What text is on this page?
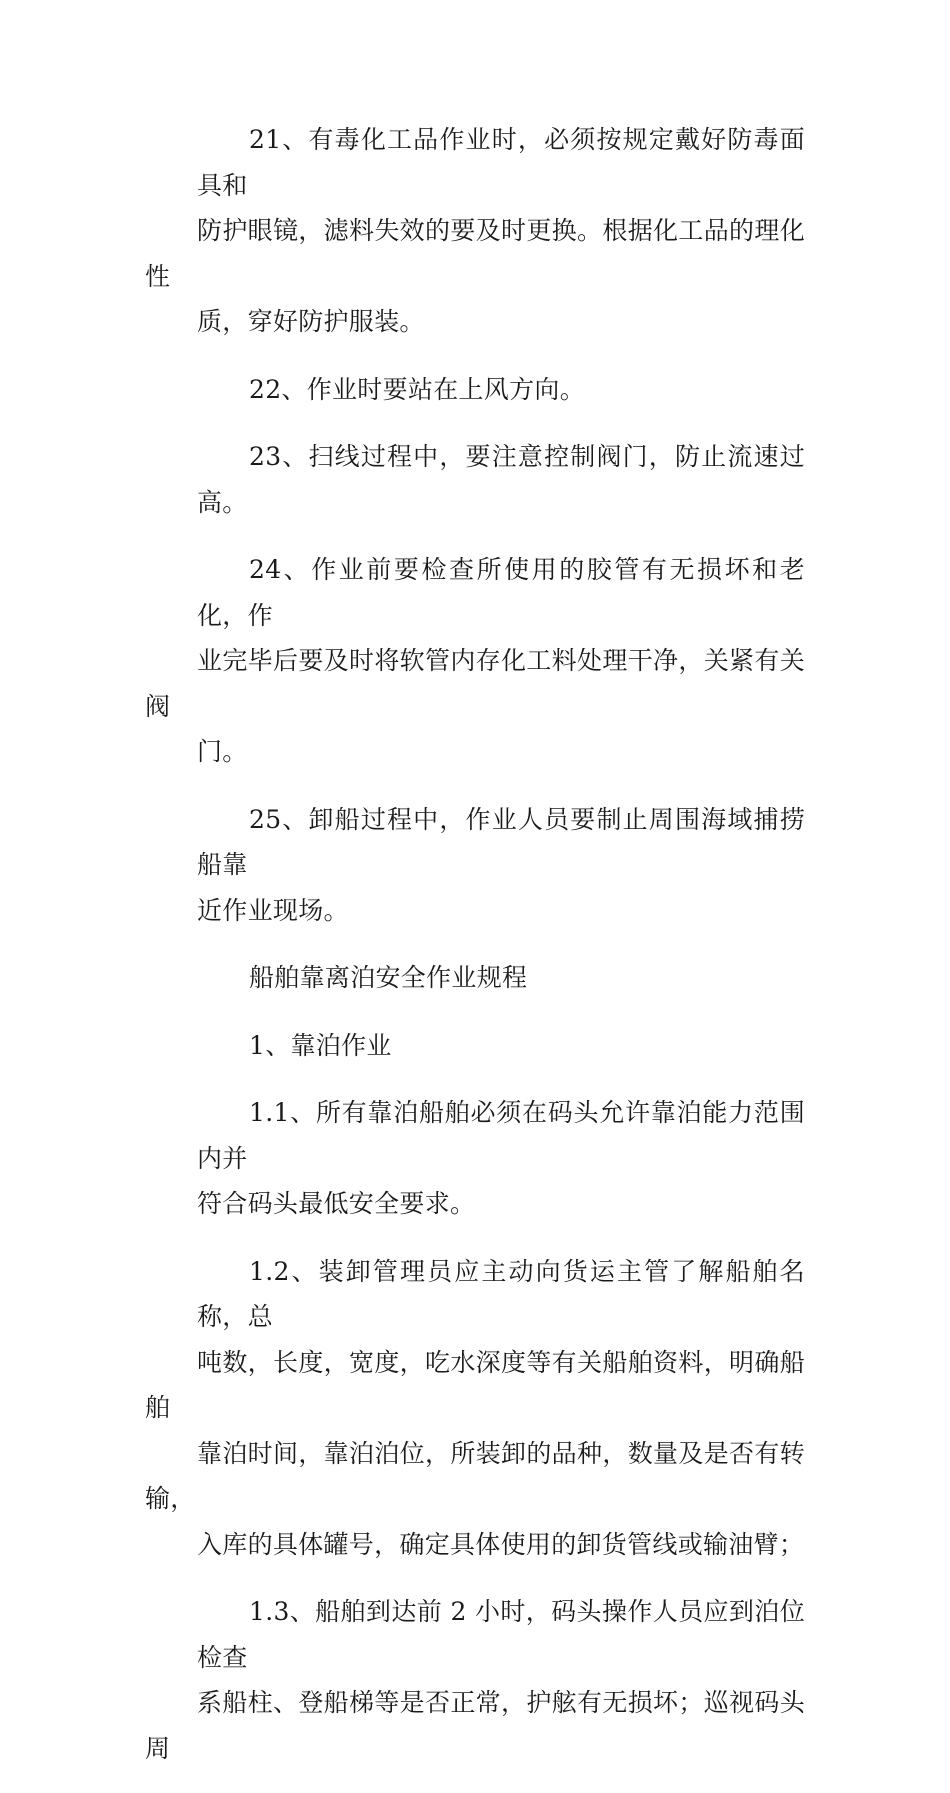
21、有毒化工品作业时，必须按规定戴好防毒面具和
防护眼镜，滤料失效的要及时更换。根据化工品的理化性
质，穿好防护服装。

22、作业时要站在上风方向。

23、扫线过程中，要注意控制阀门，防止流速过高。

24、作业前要检查所使用的胶管有无损坏和老化，作
业完毕后要及时将软管内存化工料处理干净，关紧有关阀
门。

25、卸船过程中，作业人员要制止周围海域捕捞船靠
近作业现场。

船舶靠离泊安全作业规程

1、靠泊作业

1.1、所有靠泊船舶必须在码头允许靠泊能力范围内并
符合码头最低安全要求。

1.2、装卸管理员应主动向货运主管了解船舶名称，总
吨数，长度，宽度，吃水深度等有关船舶资料，明确船舶
靠泊时间，靠泊泊位，所装卸的品种，数量及是否有转输，
入库的具体罐号，确定具体使用的卸货管线或输油臂；

1.3、船舶到达前 2 小时，码头操作人员应到泊位检查
系船柱、登船梯等是否正常，护舷有无损坏；巡视码头周
